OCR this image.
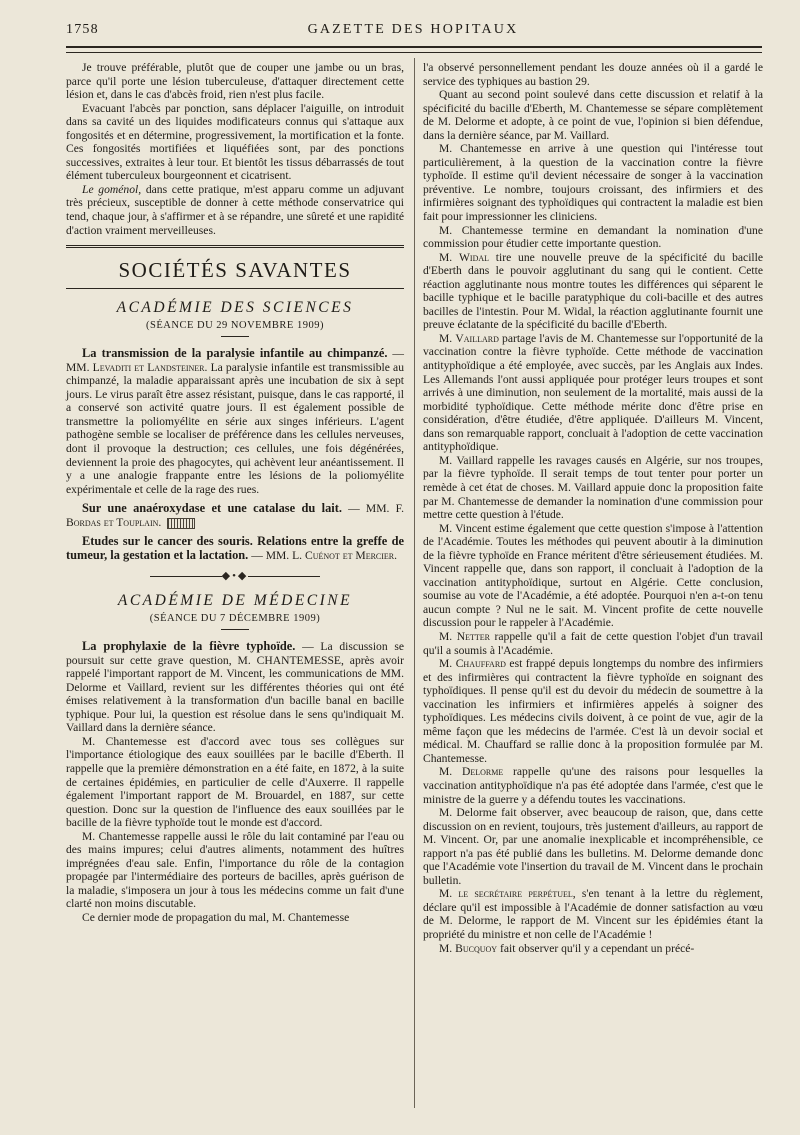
1758	GAZETTE DES HOPITAUX

Je trouve préférable, plutôt que de couper une jambe ou un bras, parce qu'il porte une lésion tuberculeuse, d'attaquer directement cette lésion et, dans le cas d'abcès froid, rien n'est plus facile.

Evacuant l'abcès par ponction, sans déplacer l'aiguille, on introduit dans sa cavité un des liquides modificateurs connus qui s'attaque aux fongosités et en détermine, progressivement, la mortification et la fonte. Ces fongosités mortifiées et liquéfiées sont, par des ponctions successives, extraites à leur tour. Et bientôt les tissus débarrassés de tout élément tuberculeux bourgeonnent et cicatrisent.

Le goménol, dans cette pratique, m'est apparu comme un adjuvant très précieux, susceptible de donner à cette méthode conservatrice qui tend, chaque jour, à s'affirmer et à se répandre, une sûreté et une rapidité d'action vraiment merveilleuses.

SOCIÉTÉS SAVANTES
ACADÉMIE DES SCIENCES
(SÉANCE DU 29 NOVEMBRE 1909)

La transmission de la paralysie infantile au chimpanzé. — MM. Levaditi et Landsteiner. La paralysie infantile est transmissible au chimpanzé, la maladie apparaissant après une incubation de six à sept jours. Le virus paraît être assez résistant, puisque, dans le cas rapporté, il a conservé son activité quatre jours. Il est également possible de transmettre la poliomyélite en série aux singes inférieurs. L'agent pathogène semble se localiser de préférence dans les cellules nerveuses, dont il provoque la destruction; ces cellules, une fois dégénérées, deviennent la proie des phagocytes, qui achèvent leur anéantissement. Il y a une analogie frappante entre les lésions de la poliomyélite expérimentale et celle de la rage des rues.

Sur une anaéroxydase et une catalase du lait. — MM. F. Bordas et Touplain.

Etudes sur le cancer des souris. Relations entre la greffe de tumeur, la gestation et la lactation. — MM. L. Cuénot et Mercier.

◆•◆
ACADÉMIE DE MÉDECINE
(SÉANCE DU 7 DÉCEMBRE 1909)

La prophylaxie de la fièvre typhoïde. — La discussion se poursuit sur cette grave question, M. CHANTEMESSE, après avoir rappelé l'important rapport de M. Vincent, les communications de MM. Delorme et Vaillard, revient sur les différentes théories qui ont été émises relativement à la transformation d'un bacille banal en bacille typhique. Pour lui, la question est résolue dans le sens qu'indiquait M. Vaillard dans la dernière séance.

M. Chantemesse est d'accord avec tous ses collègues sur l'importance étiologique des eaux souillées par le bacille d'Eberth. Il rappelle que la première démonstration en a été faite, en 1872, à la suite de certaines épidémies, en particulier de celle d'Auxerre. Il rappelle également l'important rapport de M. Brouardel, en 1887, sur cette question. Donc sur la question de l'influence des eaux souillées par le bacille de la fièvre typhoïde tout le monde est d'accord.

M. Chantemesse rappelle aussi le rôle du lait contaminé par l'eau ou des mains impures; celui d'autres aliments, notamment des huîtres imprégnées d'eau sale. Enfin, l'importance du rôle de la contagion propagée par l'intermédiaire des porteurs de bacilles, après guérison de la maladie, s'imposera un jour à tous les médecins comme un fait d'une clarté non moins discutable.

Ce dernier mode de propagation du mal, M. Chantemesse

l'a observé personnellement pendant les douze années où il a gardé le service des typhiques au bastion 29.

Quant au second point soulevé dans cette discussion et relatif à la spécificité du bacille d'Eberth, M. Chantemesse se sépare complètement de M. Delorme et adopte, à ce point de vue, l'opinion si bien défendue, dans la dernière séance, par M. Vaillard.

M. Chantemesse en arrive à une question qui l'intéresse tout particulièrement, à la question de la vaccination contre la fièvre typhoïde. Il estime qu'il devient nécessaire de songer à la vaccination préventive. Le nombre, toujours croissant, des infirmiers et des infirmières soignant des typhoïdiques qui contractent la maladie est bien fait pour impressionner les cliniciens.

M. Chantemesse termine en demandant la nomination d'une commission pour étudier cette importante question.

M. Widal tire une nouvelle preuve de la spécificité du bacille d'Eberth dans le pouvoir agglutinant du sang qui le contient. Cette réaction agglutinante nous montre toutes les différences qui séparent le bacille typhique et le bacille paratyphique du coli-bacille et des autres bacilles de l'intestin. Pour M. Widal, la réaction agglutinante fournit une preuve éclatante de la spécificité du bacille d'Eberth.

M. Vaillard partage l'avis de M. Chantemesse sur l'opportunité de la vaccination contre la fièvre typhoïde. Cette méthode de vaccination antityphoïdique a été employée, avec succès, par les Anglais aux Indes. Les Allemands l'ont aussi appliquée pour protéger leurs troupes et sont arrivés à une diminution, non seulement de la mortalité, mais aussi de la morbidité typhoïdique. Cette méthode mérite donc d'être prise en considération, d'être étudiée, d'être appliquée. D'ailleurs M. Vincent, dans son remarquable rapport, concluait à l'adoption de cette vaccination antityphoïdique.

M. Vaillard rappelle les ravages causés en Algérie, sur nos troupes, par la fièvre typhoïde. Il serait temps de tout tenter pour porter un remède à cet état de choses. M. Vaillard appuie donc la proposition faite par M. Chantemesse de demander la nomination d'une commission pour mettre cette question à l'étude.

M. Vincent estime également que cette question s'impose à l'attention de l'Académie. Toutes les méthodes qui peuvent aboutir à la diminution de la fièvre typhoïde en France méritent d'être sérieusement étudiées. M. Vincent rappelle que, dans son rapport, il concluait à l'adoption de la vaccination antityphoïdique, surtout en Algérie. Cette conclusion, soumise au vote de l'Académie, a été adoptée. Pourquoi n'en a-t-on tenu aucun compte ? Nul ne le sait. M. Vincent profite de cette nouvelle discussion pour le rappeler à l'Académie.

M. Netter rappelle qu'il a fait de cette question l'objet d'un travail qu'il a soumis à l'Académie.

M. Chauffard est frappé depuis longtemps du nombre des infirmiers et des infirmières qui contractent la fièvre typhoïde en soignant des typhoïdiques. Il pense qu'il est du devoir du médecin de soumettre à la vaccination les infirmiers et infirmières appelés à soigner des typhoïdiques. Les médecins civils doivent, à ce point de vue, agir de la même façon que les médecins de l'armée. C'est là un devoir social et médical. M. Chauffard se rallie donc à la proposition formulée par M. Chantemesse.

M. Delorme rappelle qu'une des raisons pour lesquelles la vaccination antityphoïdique n'a pas été adoptée dans l'armée, c'est que le ministre de la guerre y a défendu toutes les vaccinations.

M. Delorme fait observer, avec beaucoup de raison, que, dans cette discussion on en revient, toujours, très justement d'ailleurs, au rapport de M. Vincent. Or, par une anomalie inexplicable et incompréhensible, ce rapport n'a pas été publié dans les bulletins. M. Delorme demande donc que l'Académie vote l'insertion du travail de M. Vincent dans le prochain bulletin.

M. le secrétaire perpétuel, s'en tenant à la lettre du règlement, déclare qu'il est impossible à l'Académie de donner satisfaction au vœu de M. Delorme, le rapport de M. Vincent sur les épidémies étant la propriété du ministre et non celle de l'Académie !

M. Bucquoy fait observer qu'il y a cependant un précé-
